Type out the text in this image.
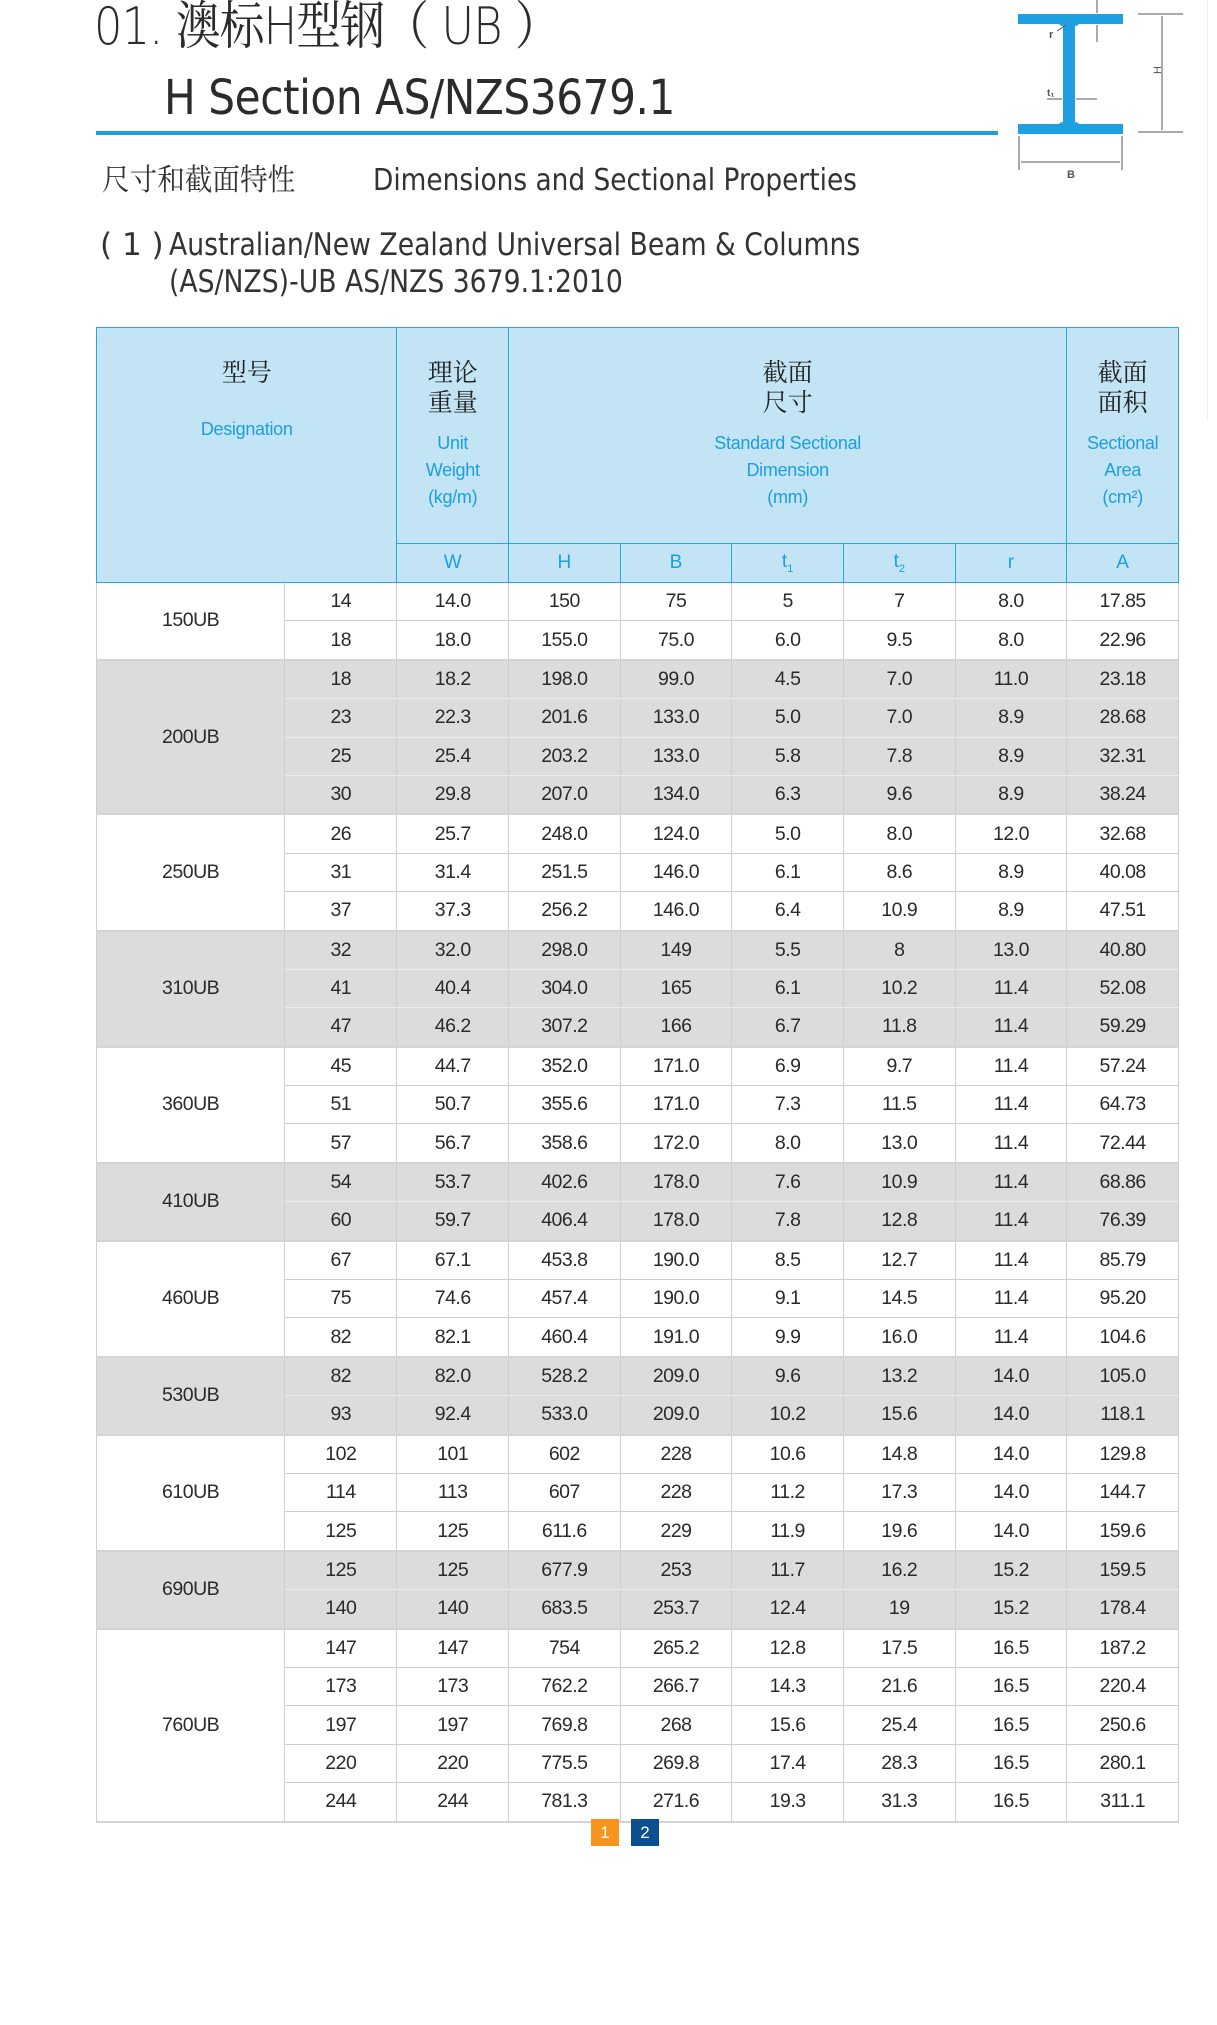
01. 澳标H型钢（ UB ）
H Section AS/NZS3679.1
尺寸和截面特性	Dimensions and Sectional Properties
( 1 ) Australian/New Zealand Universal Beam & Columns
(AS/NZS)-UB AS/NZS 3679.1:2010
H
B
t₁
r
型号
Designation		理论
重量
Unit
Weight
(kg/m)	截面
尺寸
Standard Sectional
Dimension
(mm)					截面
面积
Sectional
Area
(cm²)

		W	H	B	$t_1$	$t_2$	r	A
150UB	14	14.0	150	75	5	7	8.0	17.85
	18	18.0	155.0	75.0	6.0	9.5	8.0	22.96
200UB	18	18.2	198.0	99.0	4.5	7.0	11.0	23.18
	23	22.3	201.6	133.0	5.0	7.0	8.9	28.68
	25	25.4	203.2	133.0	5.8	7.8	8.9	32.31
	30	29.8	207.0	134.0	6.3	9.6	8.9	38.24
250UB	26	25.7	248.0	124.0	5.0	8.0	12.0	32.68
	31	31.4	251.5	146.0	6.1	8.6	8.9	40.08
	37	37.3	256.2	146.0	6.4	10.9	8.9	47.51
310UB	32	32.0	298.0	149	5.5	8	13.0	40.80
	41	40.4	304.0	165	6.1	10.2	11.4	52.08
	47	46.2	307.2	166	6.7	11.8	11.4	59.29
360UB	45	44.7	352.0	171.0	6.9	9.7	11.4	57.24
	51	50.7	355.6	171.0	7.3	11.5	11.4	64.73
	57	56.7	358.6	172.0	8.0	13.0	11.4	72.44
410UB	54	53.7	402.6	178.0	7.6	10.9	11.4	68.86
	60	59.7	406.4	178.0	7.8	12.8	11.4	76.39
460UB	67	67.1	453.8	190.0	8.5	12.7	11.4	85.79
	75	74.6	457.4	190.0	9.1	14.5	11.4	95.20
	82	82.1	460.4	191.0	9.9	16.0	11.4	104.6
530UB	82	82.0	528.2	209.0	9.6	13.2	14.0	105.0
	93	92.4	533.0	209.0	10.2	15.6	14.0	118.1
610UB	102	101	602	228	10.6	14.8	14.0	129.8
	114	113	607	228	11.2	17.3	14.0	144.7
	125	125	611.6	229	11.9	19.6	14.0	159.6
690UB	125	125	677.9	253	11.7	16.2	15.2	159.5
	140	140	683.5	253.7	12.4	19	15.2	178.4
760UB	147	147	754	265.2	12.8	17.5	16.5	187.2
	173	173	762.2	266.7	14.3	21.6	16.5	220.4
	197	197	769.8	268	15.6	25.4	16.5	250.6
	220	220	775.5	269.8	17.4	28.3	16.5	280.1
	244	244	781.3	271.6	19.3	31.3	16.5	311.1
1	2
